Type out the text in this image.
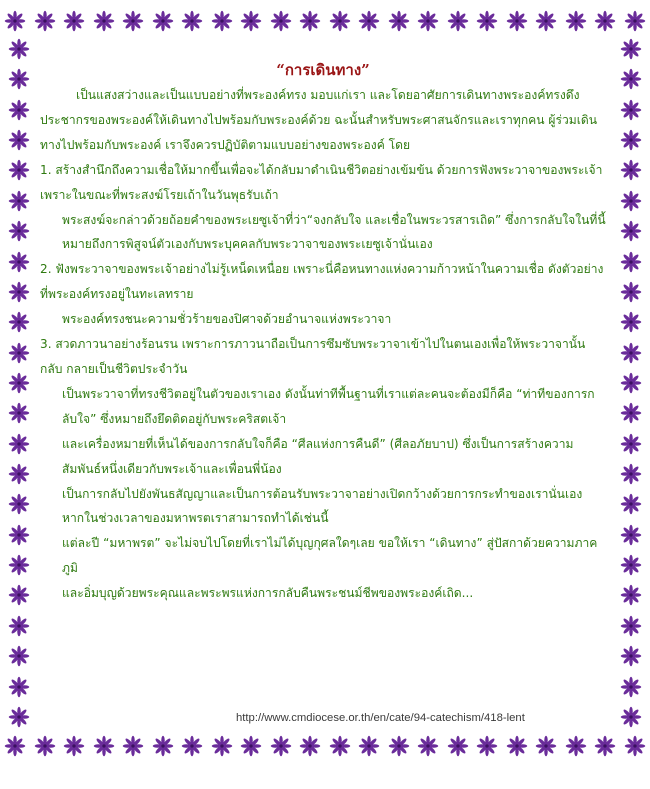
“การเดินทาง”

เป็นแสงสว่างและเป็นแบบอย่างที่พระองค์ทรง มอบแก่เรา และโดยอาศัยการเดินทางพระองค์ทรงดึงประชากรของพระองค์ให้เดินทางไปพร้อมกับพระองค์ด้วย ฉะนั้นสำหรับพระศาสนจักรและเราทุกคน ผู้ร่วมเดินทางไปพร้อมกับพระองค์ เราจึงควรปฏิบัติตามแบบอย่างของพระองค์ โดย

1. สร้างสำนึกถึงความเชื่อให้มากขึ้นเพื่อจะได้กลับมาดำเนินชีวิตอย่างเข้มข้น ด้วยการฟังพระวาจาของพระเจ้า เพราะในขณะที่พระสงฆ์โรยเถ้าในวันพุธรับเถ้า

พระสงฆ์จะกล่าวด้วยถ้อยคำของพระเยซูเจ้าที่ว่า“จงกลับใจ และเชื่อในพระวรสารเถิด” ซึ่งการกลับใจในที่นี้

หมายถึงการพิสูจน์ตัวเองกับพระบุคคลกับพระวาจาของพระเยซูเจ้านั่นเอง

2. ฟังพระวาจาของพระเจ้าอย่างไม่รู้เหน็ดเหนื่อย เพราะนี่คือหนทางแห่งความก้าวหน้าในความเชื่อ ดังตัวอย่างที่พระองค์ทรงอยู่ในทะเลทราย

พระองค์ทรงชนะความชั่วร้ายของปิศาจด้วยอำนาจแห่งพระวาจา

3. สวดภาวนาอย่างร้อนรน เพราะการภาวนาถือเป็นการซึมซับพระวาจาเข้าไปในตนเองเพื่อให้พระวาจานั้นกลับ กลายเป็นชีวิตประจำวัน

เป็นพระวาจาที่ทรงชีวิตอยู่ในตัวของเราเอง ดังนั้นท่าทีพื้นฐานที่เราแต่ละคนจะต้องมีก็คือ “ท่าทีของการกลับใจ” ซึ่งหมายถึงยึดติดอยู่กับพระคริสตเจ้า

และเครื่องหมายที่เห็นได้ของการกลับใจก็คือ “ศีลแห่งการคืนดี” (ศีลอภัยบาป) ซึ่งเป็นการสร้างความสัมพันธ์หนึ่งเดียวกับพระเจ้าและเพื่อนพี่น้อง

เป็นการกลับไปยังพันธสัญญาและเป็นการต้อนรับพระวาจาอย่างเปิดกว้างด้วยการกระทำของเรานั่นเอง หากในช่วงเวลาของมหาพรตเราสามารถทำได้เช่นนี้

แต่ละปี “มหาพรต” จะไม่จบไปโดยที่เราไม่ได้บุญกุศลใดๆเลย ขอให้เรา “เดินทาง” สู่ปัสกาด้วยความภาคภูมิ

และอิ่มบุญด้วยพระคุณและพระพรแห่งการกลับคืนพระชนม์ชีพของพระองค์เถิด...

http://www.cmdiocese.or.th/en/cate/94-catechism/418-lent
